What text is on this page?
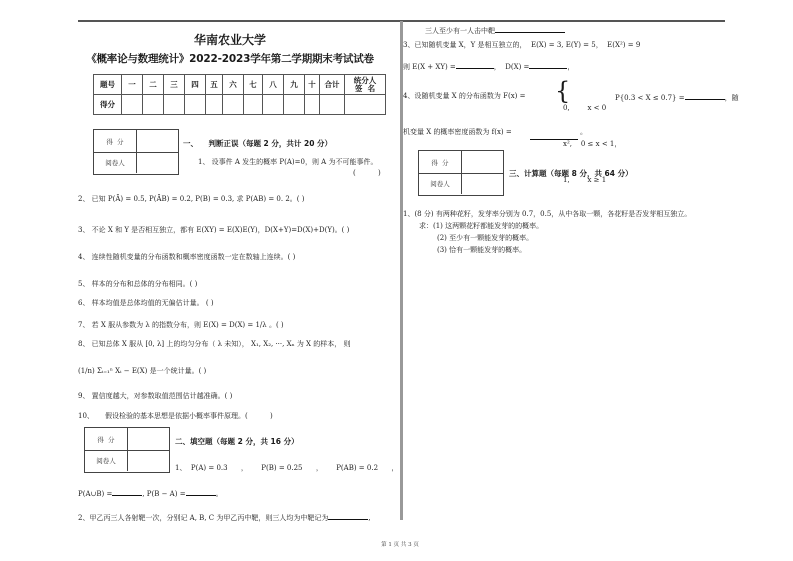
华南农业大学
《概率论与数理统计》2022-2023学年第二学期期末考试试卷
题号	一	二	三	四	五	六	七	八	九	十	合计	统分人
签  名

得分												
得  分
阅卷人
一、    判断正误（每题 2 分，共计 20 分）
1、 设事件 A 发生的概率 P(A)=0，则 A 为不可能事件。
(          )
2、 已知 P(Ā) = 0.5, P(ĀB) = 0.2, P(B) = 0.3, 求 P(AB) = 0. 2。( )
3、 不论 X 和 Y 是否相互独立，都有 E(XY) = E(X)E(Y)，D(X+Y)=D(X)+D(Y)。( )
4、 连续性随机变量的分布函数和概率密度函数一定在数轴上连续。( )
5、 样本的分布和总体的分布相同。( )
6、 样本均值是总体均值的无偏估计量。 ( )
7、 若 X 服从参数为 λ 的指数分布，则 E(X) = D(X) = 1/λ 。( )
8、 已知总体 X 服从 [0, λ] 上的均匀分布（ λ 未知）， X₁, X₂, ···, Xₙ 为 X 的样本， 则
(1/n) Σᵢ₌₁ⁿ Xᵢ − E(X) 是一个统计量。( )
9、 置信度越大，对参数取值范围估计越准确。( )
10、     假设检验的基本思想是依据小概率事件原理。(          )
得  分
阅卷人
二、填空题（每题 2 分，共 16 分）
1、  P(A) = 0.3      ，      P(B) = 0.25      ，      P(AB) = 0.2      ，
P(A∪B) =	, P(B − A) =	。
2、甲乙丙三人各射靶一次，分别记 A, B, C 为甲乙丙中靶，则三人均为中靶记为	,
三人至少有一人击中靶
3、已知随机变量 X，Y 是相互独立的，  E(X) = 3, E(Y) = 5，  E(X²) = 9
则 E(X + XY) =	，  D(X) =	，
4、设随机变量 X 的分布函数为 F(x) = {

0,        x < 0

x²,    0 ≤ x < 1，

1,        x ≥ 1

P{0.3 < X ≤ 0.7} =	，随
机变量 X 的概率密度函数为 f(x) =	。
得  分
阅卷人
三、计算题（每题 8 分，共 64 分）
1、(8 分) 有两种花籽，发芽率分别为 0.7，0.5，从中各取一颗，各花籽是否发芽相互独立。
求：(1) 这两颗花籽都能发芽的的概率。
(2) 至少有一颗能发芽的概率。
(3) 恰有一颗能发芽的概率。
第 1 页 共 3 页
